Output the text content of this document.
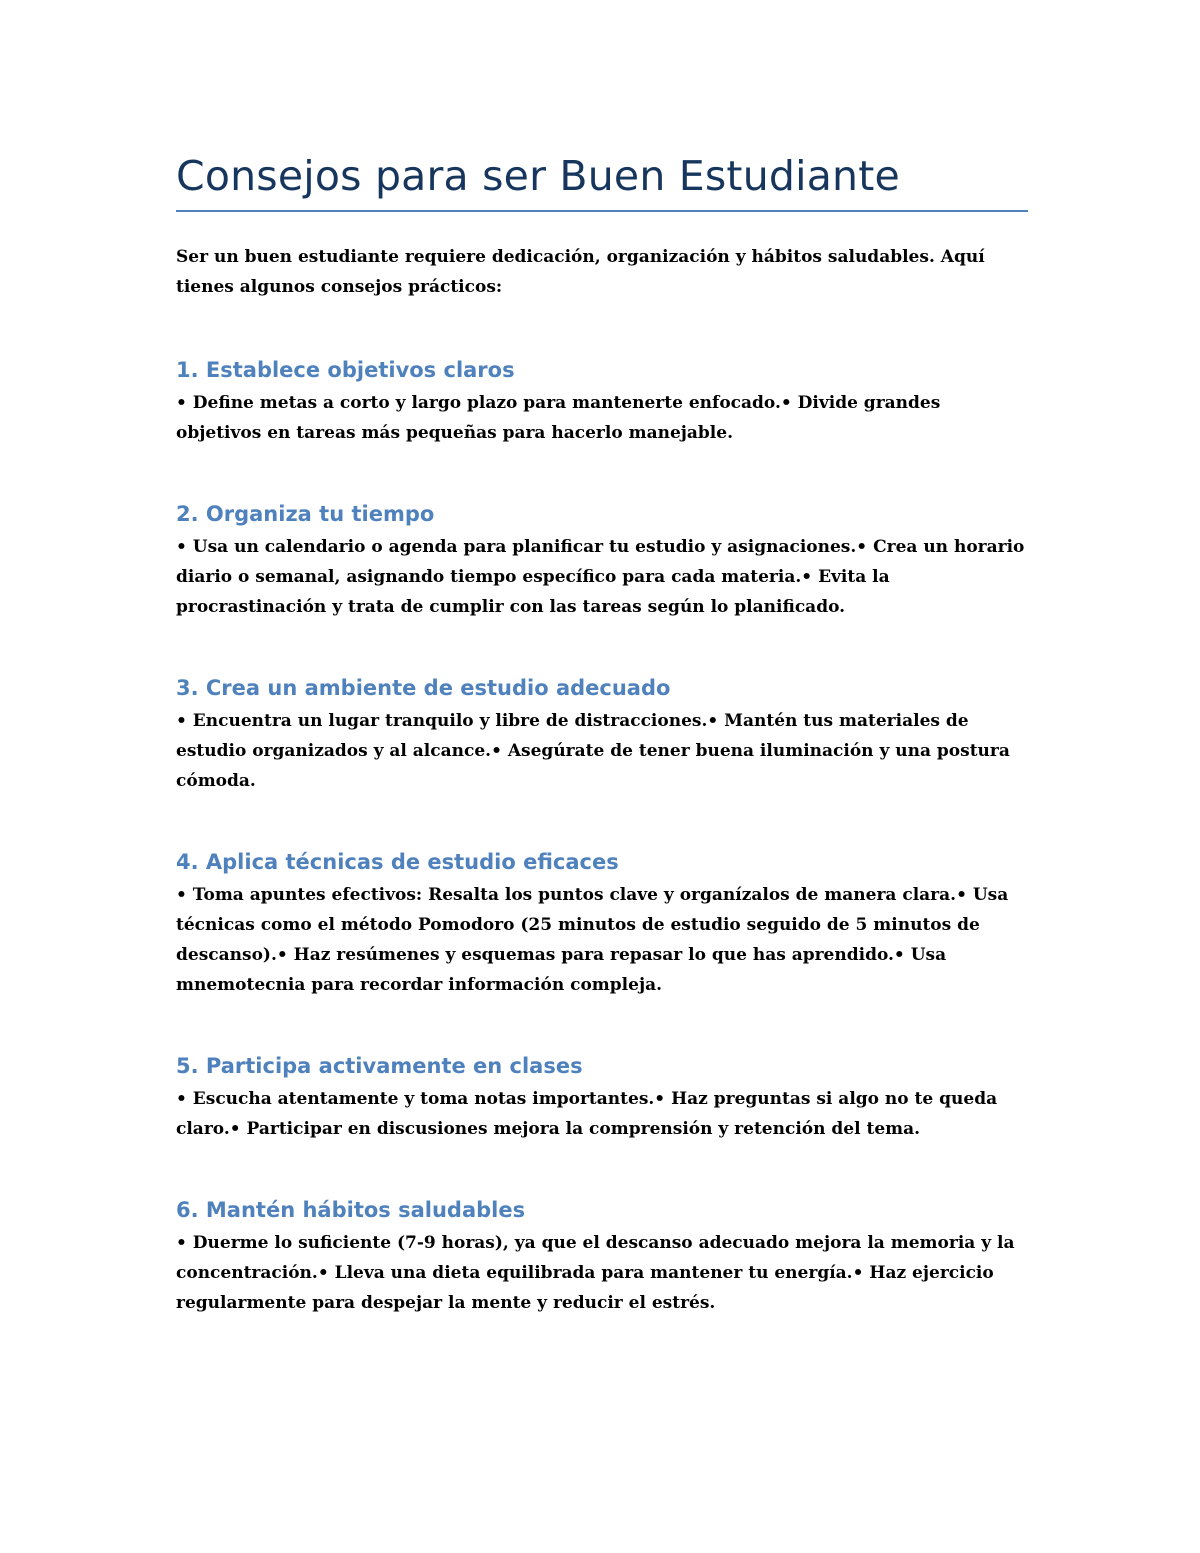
Consejos para ser Buen Estudiante

Ser un buen estudiante requiere dedicación, organización y hábitos saludables. Aquí tienes algunos consejos prácticos:

1. Establece objetivos claros

• Define metas a corto y largo plazo para mantenerte enfocado.• Divide grandes objetivos en tareas más pequeñas para hacerlo manejable.

2. Organiza tu tiempo

• Usa un calendario o agenda para planificar tu estudio y asignaciones.• Crea un horario diario o semanal, asignando tiempo específico para cada materia.• Evita la procrastinación y trata de cumplir con las tareas según lo planificado.

3. Crea un ambiente de estudio adecuado

• Encuentra un lugar tranquilo y libre de distracciones.• Mantén tus materiales de estudio organizados y al alcance.• Asegúrate de tener buena iluminación y una postura cómoda.

4. Aplica técnicas de estudio eficaces

• Toma apuntes efectivos: Resalta los puntos clave y organízalos de manera clara.• Usa técnicas como el método Pomodoro (25 minutos de estudio seguido de 5 minutos de descanso).• Haz resúmenes y esquemas para repasar lo que has aprendido.• Usa mnemotecnia para recordar información compleja.

5. Participa activamente en clases

• Escucha atentamente y toma notas importantes.• Haz preguntas si algo no te queda claro.• Participar en discusiones mejora la comprensión y retención del tema.

6. Mantén hábitos saludables

• Duerme lo suficiente (7-9 horas), ya que el descanso adecuado mejora la memoria y la concentración.• Lleva una dieta equilibrada para mantener tu energía.• Haz ejercicio regularmente para despejar la mente y reducir el estrés.
